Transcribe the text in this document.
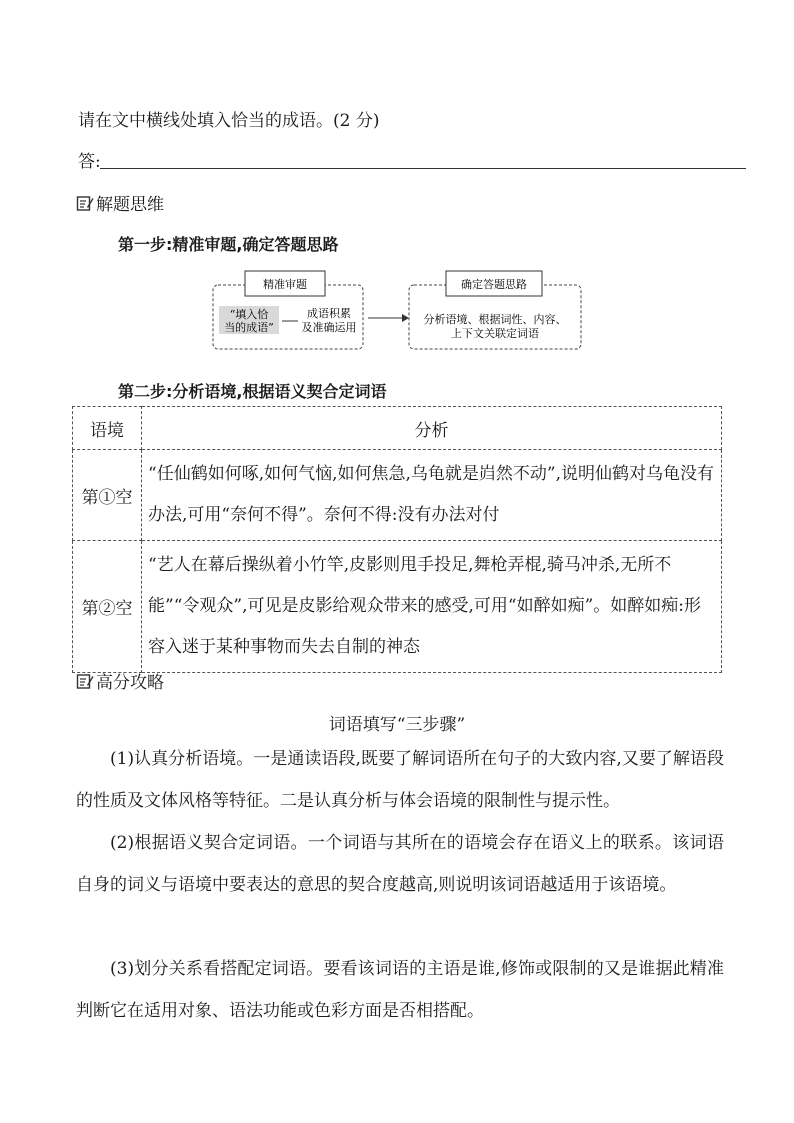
请在文中横线处填入恰当的成语。(2 分)
答:
解题思维
第一步:精准审题,确定答题思路
精准审题
“填入恰
当的成语”
成语积累
及准确运用
确定答题思路
分析语境、根据词性、内容、
上下文关联定词语
第二步:分析语境,根据语义契合定词语
语境	分析
第①空	“任仙鹤如何啄,如何气恼,如何焦急,乌龟就是岿然不动”,说明仙鹤对乌龟没有办法,可用“奈何不得”。奈何不得:没有办法对付
第②空	“艺人在幕后操纵着小竹竿,皮影则甩手投足,舞枪弄棍,骑马冲杀,无所不能”“令观众”,可见是皮影给观众带来的感受,可用“如醉如痴”。如醉如痴:形容入迷于某种事物而失去自制的神态
高分攻略
词语填写“三步骤”
(1)认真分析语境。一是通读语段,既要了解词语所在句子的大致内容,又要了解语段的性质及文体风格等特征。二是认真分析与体会语境的限制性与提示性。
(2)根据语义契合定词语。一个词语与其所在的语境会存在语义上的联系。该词语自身的词义与语境中要表达的意思的契合度越高,则说明该词语越适用于该语境。
(3)划分关系看搭配定词语。要看该词语的主语是谁,修饰或限制的又是谁据此精准判断它在适用对象、语法功能或色彩方面是否相搭配。
